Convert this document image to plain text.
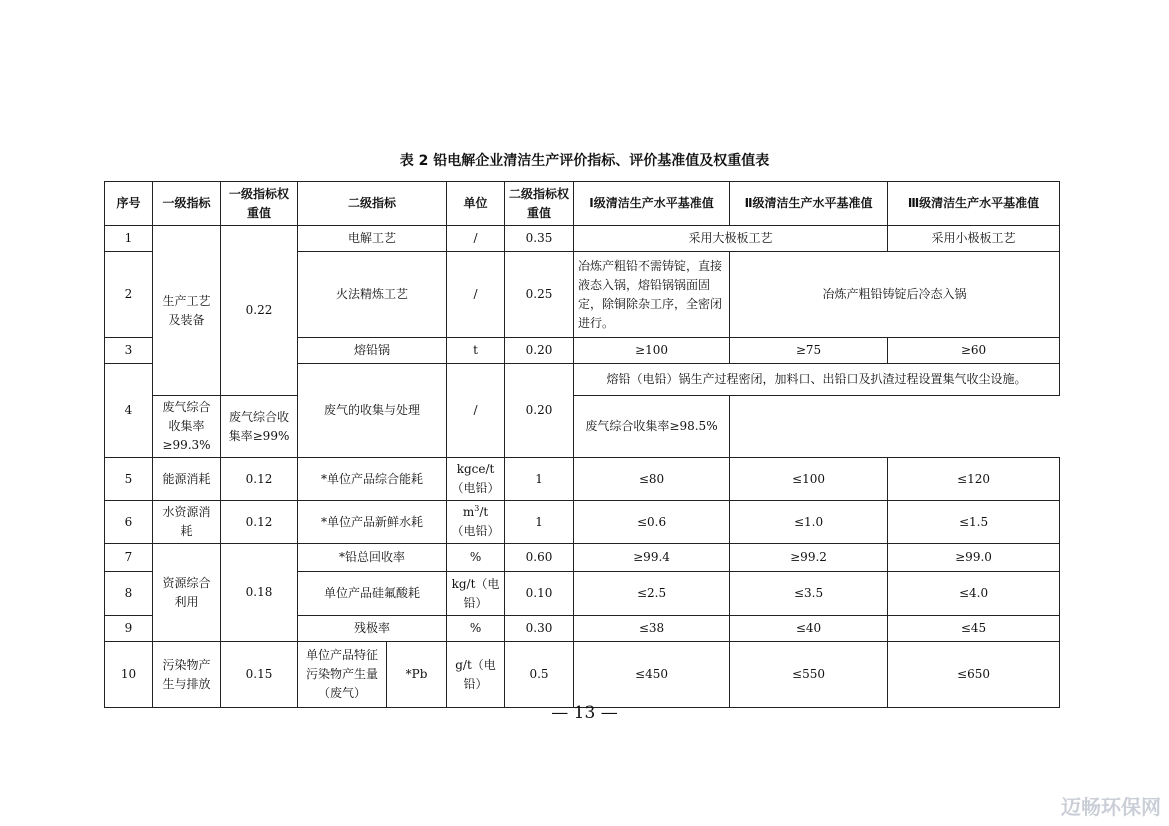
表 2 铅电解企业清洁生产评价指标、评价基准值及权重值表
序号	一级指标	一级指标权重值	二级指标		单位	二级指标权重值	Ⅰ级清洁生产水平基准值	Ⅱ级清洁生产水平基准值	Ⅲ级清洁生产水平基准值
1	生产工艺及装备	0.22	电解工艺		/	0.35	采用大极板工艺		采用小极板工艺
2			火法精炼工艺		/	0.25	冶炼产粗铅不需铸锭，直接液态入锅，熔铅锅锅面固定，除铜除杂工序，全密闭进行。	冶炼产粗铅铸锭后冷态入锅	
3			熔铅锅		t	0.20	≥100	≥75	≥60
4			废气的收集与处理		/	0.20	熔铅（电铅）锅生产过程密闭，加料口、出铅口及扒渣过程设置集气收尘设施。		
	废气综合收集率≥99.3%	废气综合收集率≥99%					废气综合收集率≥98.5%		
5	能源消耗	0.12	*单位产品综合能耗		kgce/t（电铅）	1	≤80	≤100	≤120
6	水资源消耗	0.12	*单位产品新鲜水耗		$m^3/t$（电铅）	1	≤0.6	≤1.0	≤1.5
7	资源综合利用	0.18	*铅总回收率		%	0.60	≥99.4	≥99.2	≥99.0
8			单位产品硅氟酸耗		kg/t（电铅）	0.10	≤2.5	≤3.5	≤4.0
9			残极率		%	0.30	≤38	≤40	≤45
10	污染物产生与排放	0.15	单位产品特征污染物产生量（废气）	*Pb	g/t（电铅）	0.5	≤450	≤550	≤650
— 13 —
迈畅环保网
